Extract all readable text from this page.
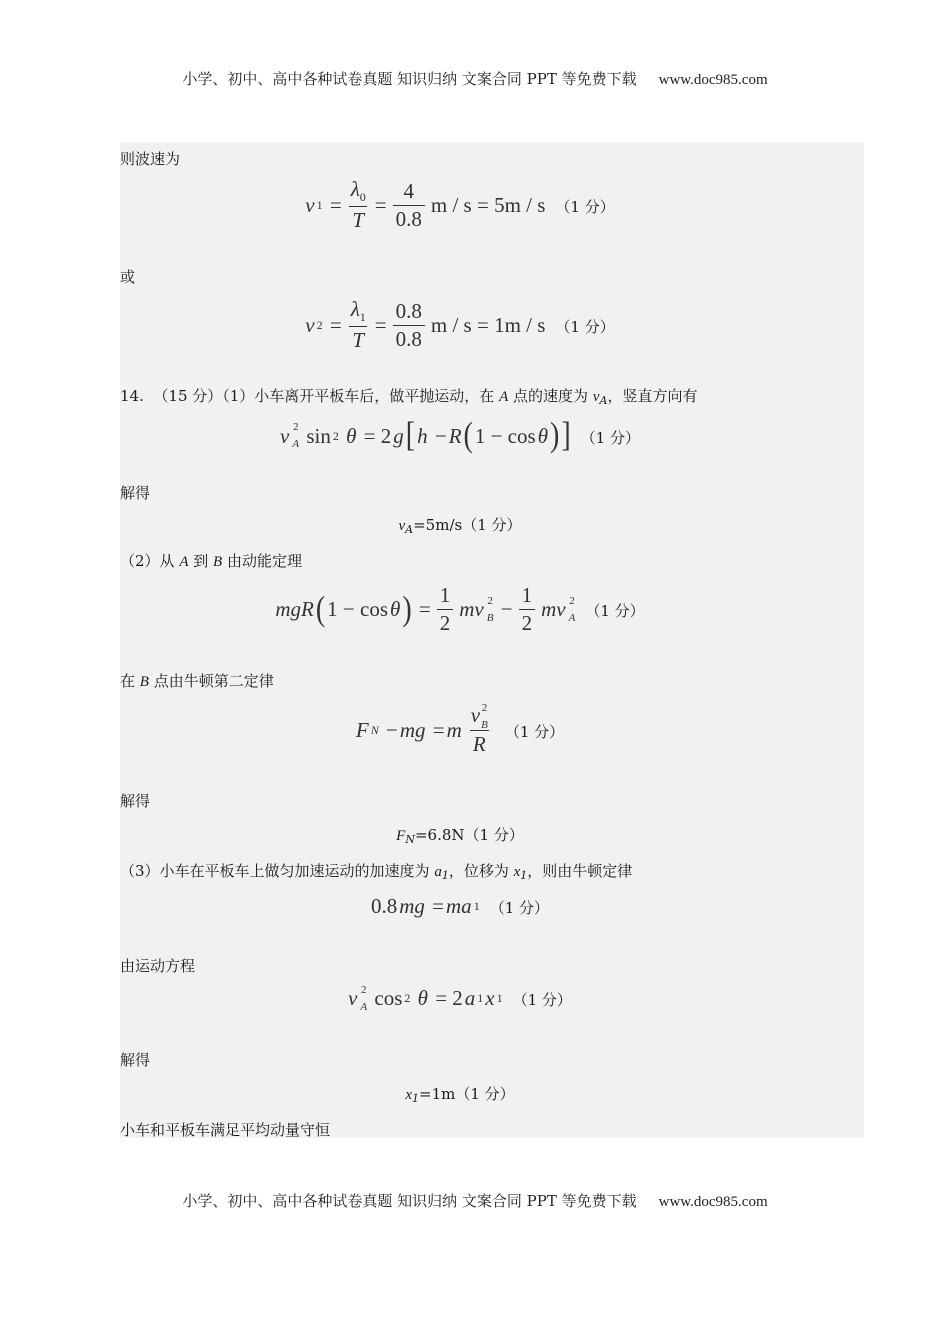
小学、初中、高中各种试卷真题 知识归纳 文案合同 PPT 等免费下载 www.doc985.com
则波速为
v $1 = \frac{\lambda_0}{T} = \frac{4}{0.8}$ m / s = 5m / s （1 分）
或
v $2 = \frac{\lambda_1}{T} = \frac{0.8}{0.8}$ m / s = 1m / s （1 分）
14. （15 分）（1）小车离开平板车后，做平抛运动，在 A 点的速度为 $v_A$，竖直方向有
v 2
A sin 2 θ = 2 g [ h − R ( 1 − cos θ ) ] （1 分）
解得
$v_A=5m/s(1$ 分）
（2）从 A 到 B 由动能定理
mgR ( 1 − cos θ ) = $\frac{1}{2}$ mv 2
$B - \frac{1}{2}$ mv 2
A （1 分）
在 B 点由牛顿第二定律
F N − mg = m v 2
B
R （1 分）
解得
$F_N=6.8N(1$ 分）
（3）小车在平板车上做匀加速运动的加速度为 $a_1$，位移为 $x_1$，则由牛顿定律
0.8 mg = ma 1 （1 分）
由运动方程
v 2
A cos 2 θ = 2 a 1 x 1 （1 分）
解得
$x_1=1m(1$ 分）
小车和平板车满足平均动量守恒
小学、初中、高中各种试卷真题 知识归纳 文案合同 PPT 等免费下载 www.doc985.com
